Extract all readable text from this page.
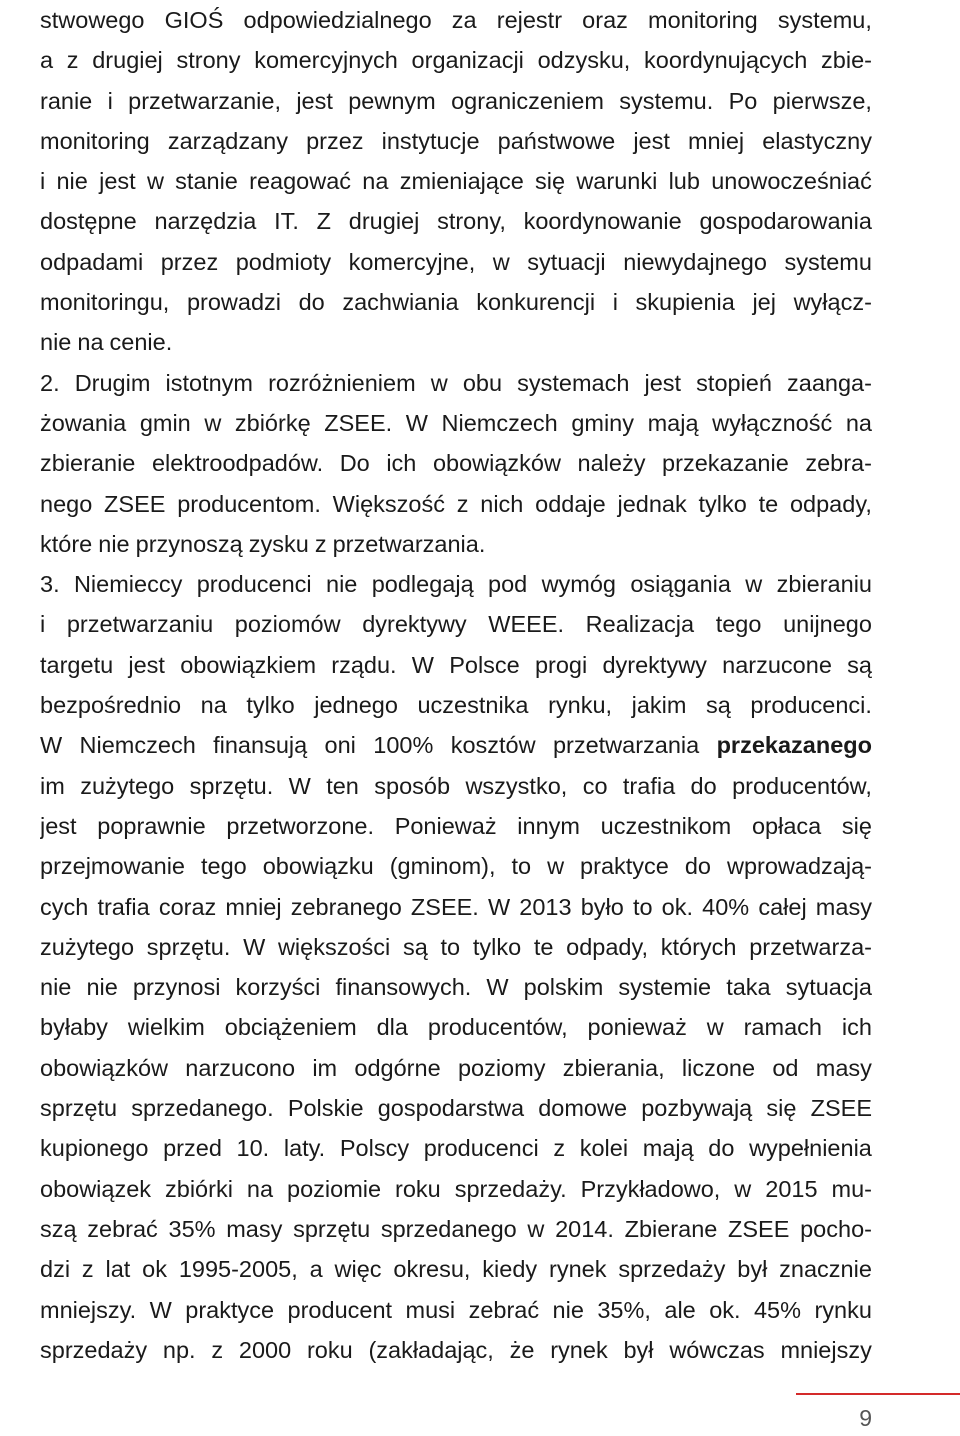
stwowego GIOŚ odpowiedzialnego za rejestr oraz monitoring systemu,
a z drugiej strony komercyjnych organizacji odzysku, koordynujących zbie-
ranie i przetwarzanie, jest pewnym ograniczeniem systemu. Po pierwsze,
monitoring zarządzany przez instytucje państwowe jest mniej elastyczny
i nie jest w stanie reagować na zmieniające się warunki lub unowocześniać
dostępne narzędzia IT. Z drugiej strony, koordynowanie gospodarowania
odpadami przez podmioty komercyjne, w sytuacji niewydajnego systemu
monitoringu, prowadzi do zachwiania konkurencji i skupienia jej wyłącz-
nie na cenie.
2. Drugim istotnym rozróżnieniem w obu systemach jest stopień zaanga-
żowania gmin w zbiórkę ZSEE. W Niemczech gminy mają wyłączność na
zbieranie elektroodpadów. Do ich obowiązków należy przekazanie zebra-
nego ZSEE producentom. Większość z nich oddaje jednak tylko te odpady,
które nie przynoszą zysku z przetwarzania.
3. Niemieccy producenci nie podlegają pod wymóg osiągania w zbieraniu
i przetwarzaniu poziomów dyrektywy WEEE. Realizacja tego unijnego
targetu jest obowiązkiem rządu. W Polsce progi dyrektywy narzucone są
bezpośrednio na tylko jednego uczestnika rynku, jakim są producenci.
W Niemczech finansują oni 100% kosztów przetwarzania przekazanego
im zużytego sprzętu. W ten sposób wszystko, co trafia do producentów,
jest poprawnie przetworzone. Ponieważ innym uczestnikom opłaca się
przejmowanie tego obowiązku (gminom), to w praktyce do wprowadzają-
cych trafia coraz mniej zebranego ZSEE. W 2013 było to ok. 40% całej masy
zużytego sprzętu. W większości są to tylko te odpady, których przetwarza-
nie nie przynosi korzyści finansowych. W polskim systemie taka sytuacja
byłaby wielkim obciążeniem dla producentów, ponieważ w ramach ich
obowiązków narzucono im odgórne poziomy zbierania, liczone od masy
sprzętu sprzedanego. Polskie gospodarstwa domowe pozbywają się ZSEE
kupionego przed 10. laty. Polscy producenci z kolei mają do wypełnienia
obowiązek zbiórki na poziomie roku sprzedaży. Przykładowo, w 2015 mu-
szą zebrać 35% masy sprzętu sprzedanego w 2014. Zbierane ZSEE pocho-
dzi z lat ok 1995-2005, a więc okresu, kiedy rynek sprzedaży był znacznie
mniejszy. W praktyce producent musi zebrać nie 35%, ale ok. 45% rynku
sprzedaży np. z 2000 roku (zakładając, że rynek był wówczas mniejszy
9
